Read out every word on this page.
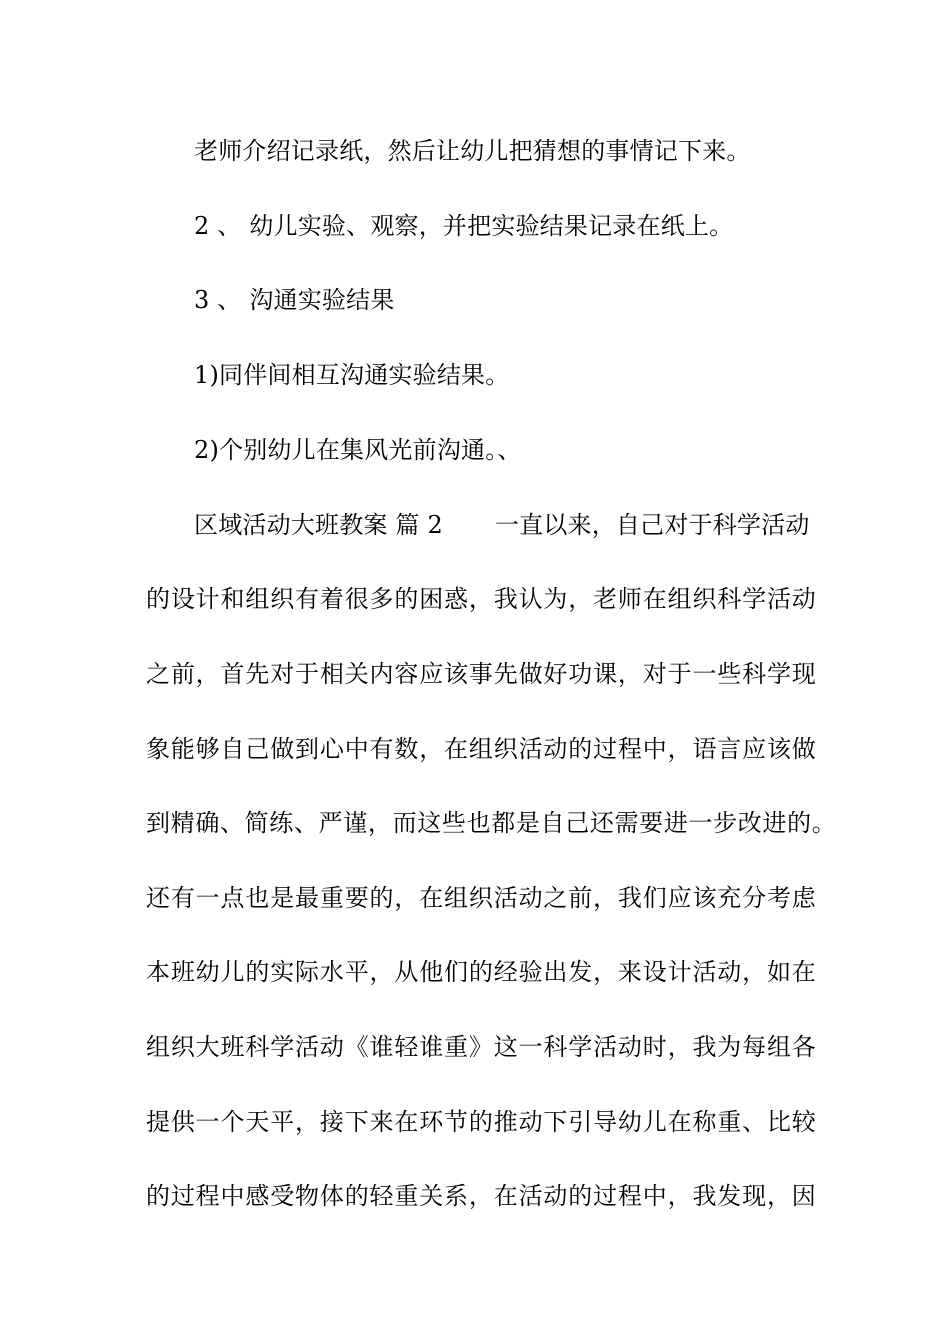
老师介绍记录纸，然后让幼儿把猜想的事情记下来。
2 、 幼儿实验、观察，并把实验结果记录在纸上。
3 、 沟通实验结果
1)同伴间相互沟通实验结果。
2)个别幼儿在集风光前沟通。、
区域活动大班教案 篇 2 一直以来，自己对于科学活动
的设计和组织有着很多的困惑，我认为，老师在组织科学活动
之前，首先对于相关内容应该事先做好功课，对于一些科学现
象能够自己做到心中有数，在组织活动的过程中，语言应该做
到精确、简练、严谨，而这些也都是自己还需要进一步改进的。
还有一点也是最重要的，在组织活动之前，我们应该充分考虑
本班幼儿的实际水平，从他们的经验出发，来设计活动，如在
组织大班科学活动《谁轻谁重》这一科学活动时，我为每组各
提供一个天平，接下来在环节的推动下引导幼儿在称重、比较
的过程中感受物体的轻重关系，在活动的过程中，我发现，因
